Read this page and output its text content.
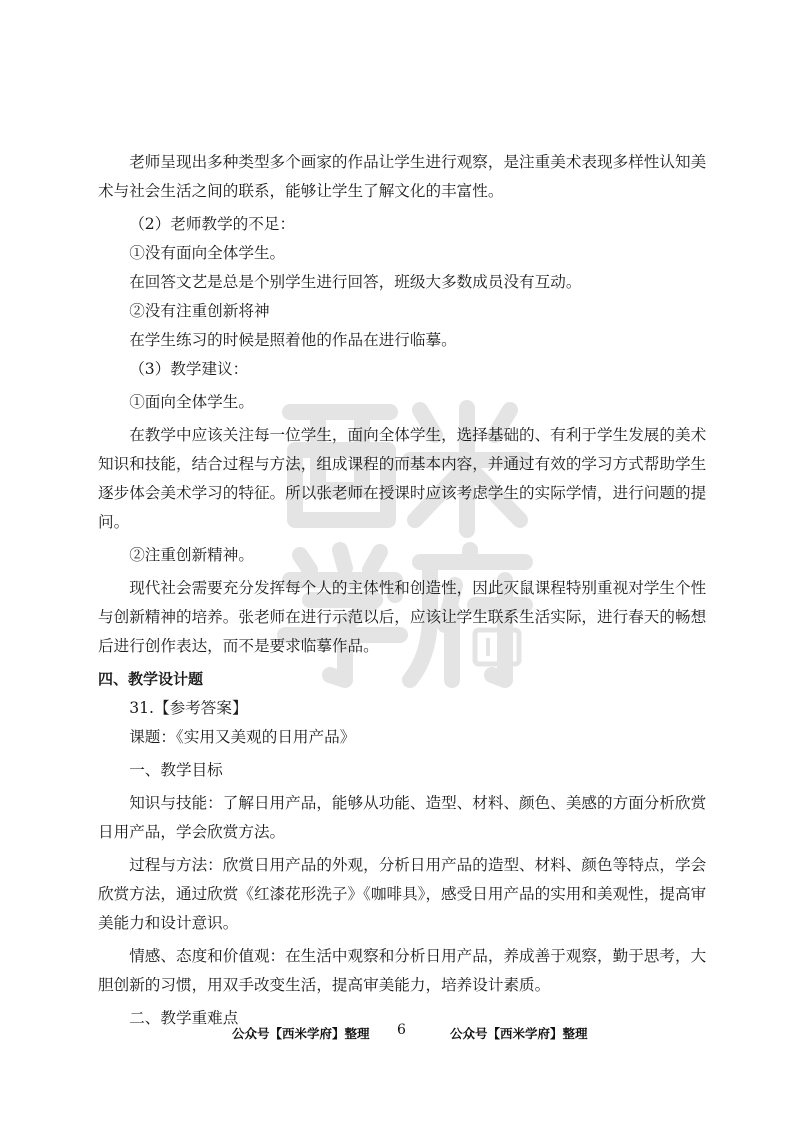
西米学府

老师呈现出多种类型多个画家的作品让学生进行观察，是注重美术表现多样性认知美术与社会生活之间的联系，能够让学生了解文化的丰富性。

（2）老师教学的不足：

①没有面向全体学生。

在回答文艺是总是个别学生进行回答，班级大多数成员没有互动。

②没有注重创新将神

在学生练习的时候是照着他的作品在进行临摹。

（3）教学建议：

①面向全体学生。

在教学中应该关注每一位学生，面向全体学生，选择基础的、有利于学生发展的美术知识和技能，结合过程与方法，组成课程的而基本内容，并通过有效的学习方式帮助学生逐步体会美术学习的特征。所以张老师在授课时应该考虑学生的实际学情，进行问题的提问。

②注重创新精神。

现代社会需要充分发挥每个人的主体性和创造性，因此灭鼠课程特别重视对学生个性与创新精神的培养。张老师在进行示范以后，应该让学生联系生活实际，进行春天的畅想后进行创作表达，而不是要求临摹作品。

四、教学设计题

31.【参考答案】

课题：《实用又美观的日用产品》

一、教学目标

知识与技能：了解日用产品，能够从功能、造型、材料、颜色、美感的方面分析欣赏日用产品，学会欣赏方法。

过程与方法：欣赏日用产品的外观，分析日用产品的造型、材料、颜色等特点，学会欣赏方法，通过欣赏《红漆花形洗子》《咖啡具》，感受日用产品的实用和美观性，提高审美能力和设计意识。

情感、态度和价值观：在生活中观察和分析日用产品，养成善于观察，勤于思考，大胆创新的习惯，用双手改变生活，提高审美能力，培养设计素质。

二、教学重难点

公众号【西米学府】整理 6	公众号【西米学府】整理
